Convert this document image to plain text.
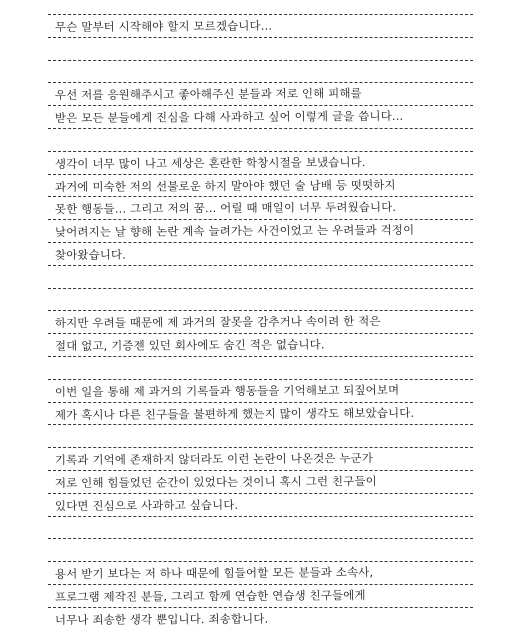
무슨 말부터 시작해야 할지 모르겠습니다...
우선 저를 응원해주시고 좋아해주신 분들과 저로 인해 피해를
받은 모든 분들에게 진심을 다해 사과하고 싶어 이렇게 글을 씁니다...
생각이 너무 많이 나고 세상은 혼란한 학창시절을 보냈습니다.
과거에 미숙한 저의 선불로운 하지 말아야 했던 술 남배 등 떳떳하지
못한 행동들... 그리고 저의 꿈... 어릴 때 매일이 너무 두려웠습니다.
낮어려지는 날 향해 논란 계속 늘려가는 사건이었고 는 우려들과 걱정이
찾아왔습니다.
하지만 우려들 때문에 제 과거의 잘못을 감추거나 속이려 한 적은
절대 없고, 기증젠 있던 회사에도 숨긴 적은 없습니다.
이번 일을 통해 제 과거의 기록들과 행동들을 기억해보고 되짚어보며
제가 혹시나 다른 친구들을 불편하게 했는지 많이 생각도 해보았습니다.
기록과 기억에 존재하지 않더라도 이런 논란이 나온것은 누군가
저로 인해 힘들었던 순간이 있었다는 것이니 혹시 그런 친구들이
있다면 진심으로 사과하고 싶습니다.
용서 받기 보다는 저 하나 때문에 힘들어할 모든 분들과 소속사,
프로그램 제작진 분들, 그리고 함께 연습한 연습생 친구들에게
너무나 죄송한 생각 뿐입니다. 죄송합니다.
